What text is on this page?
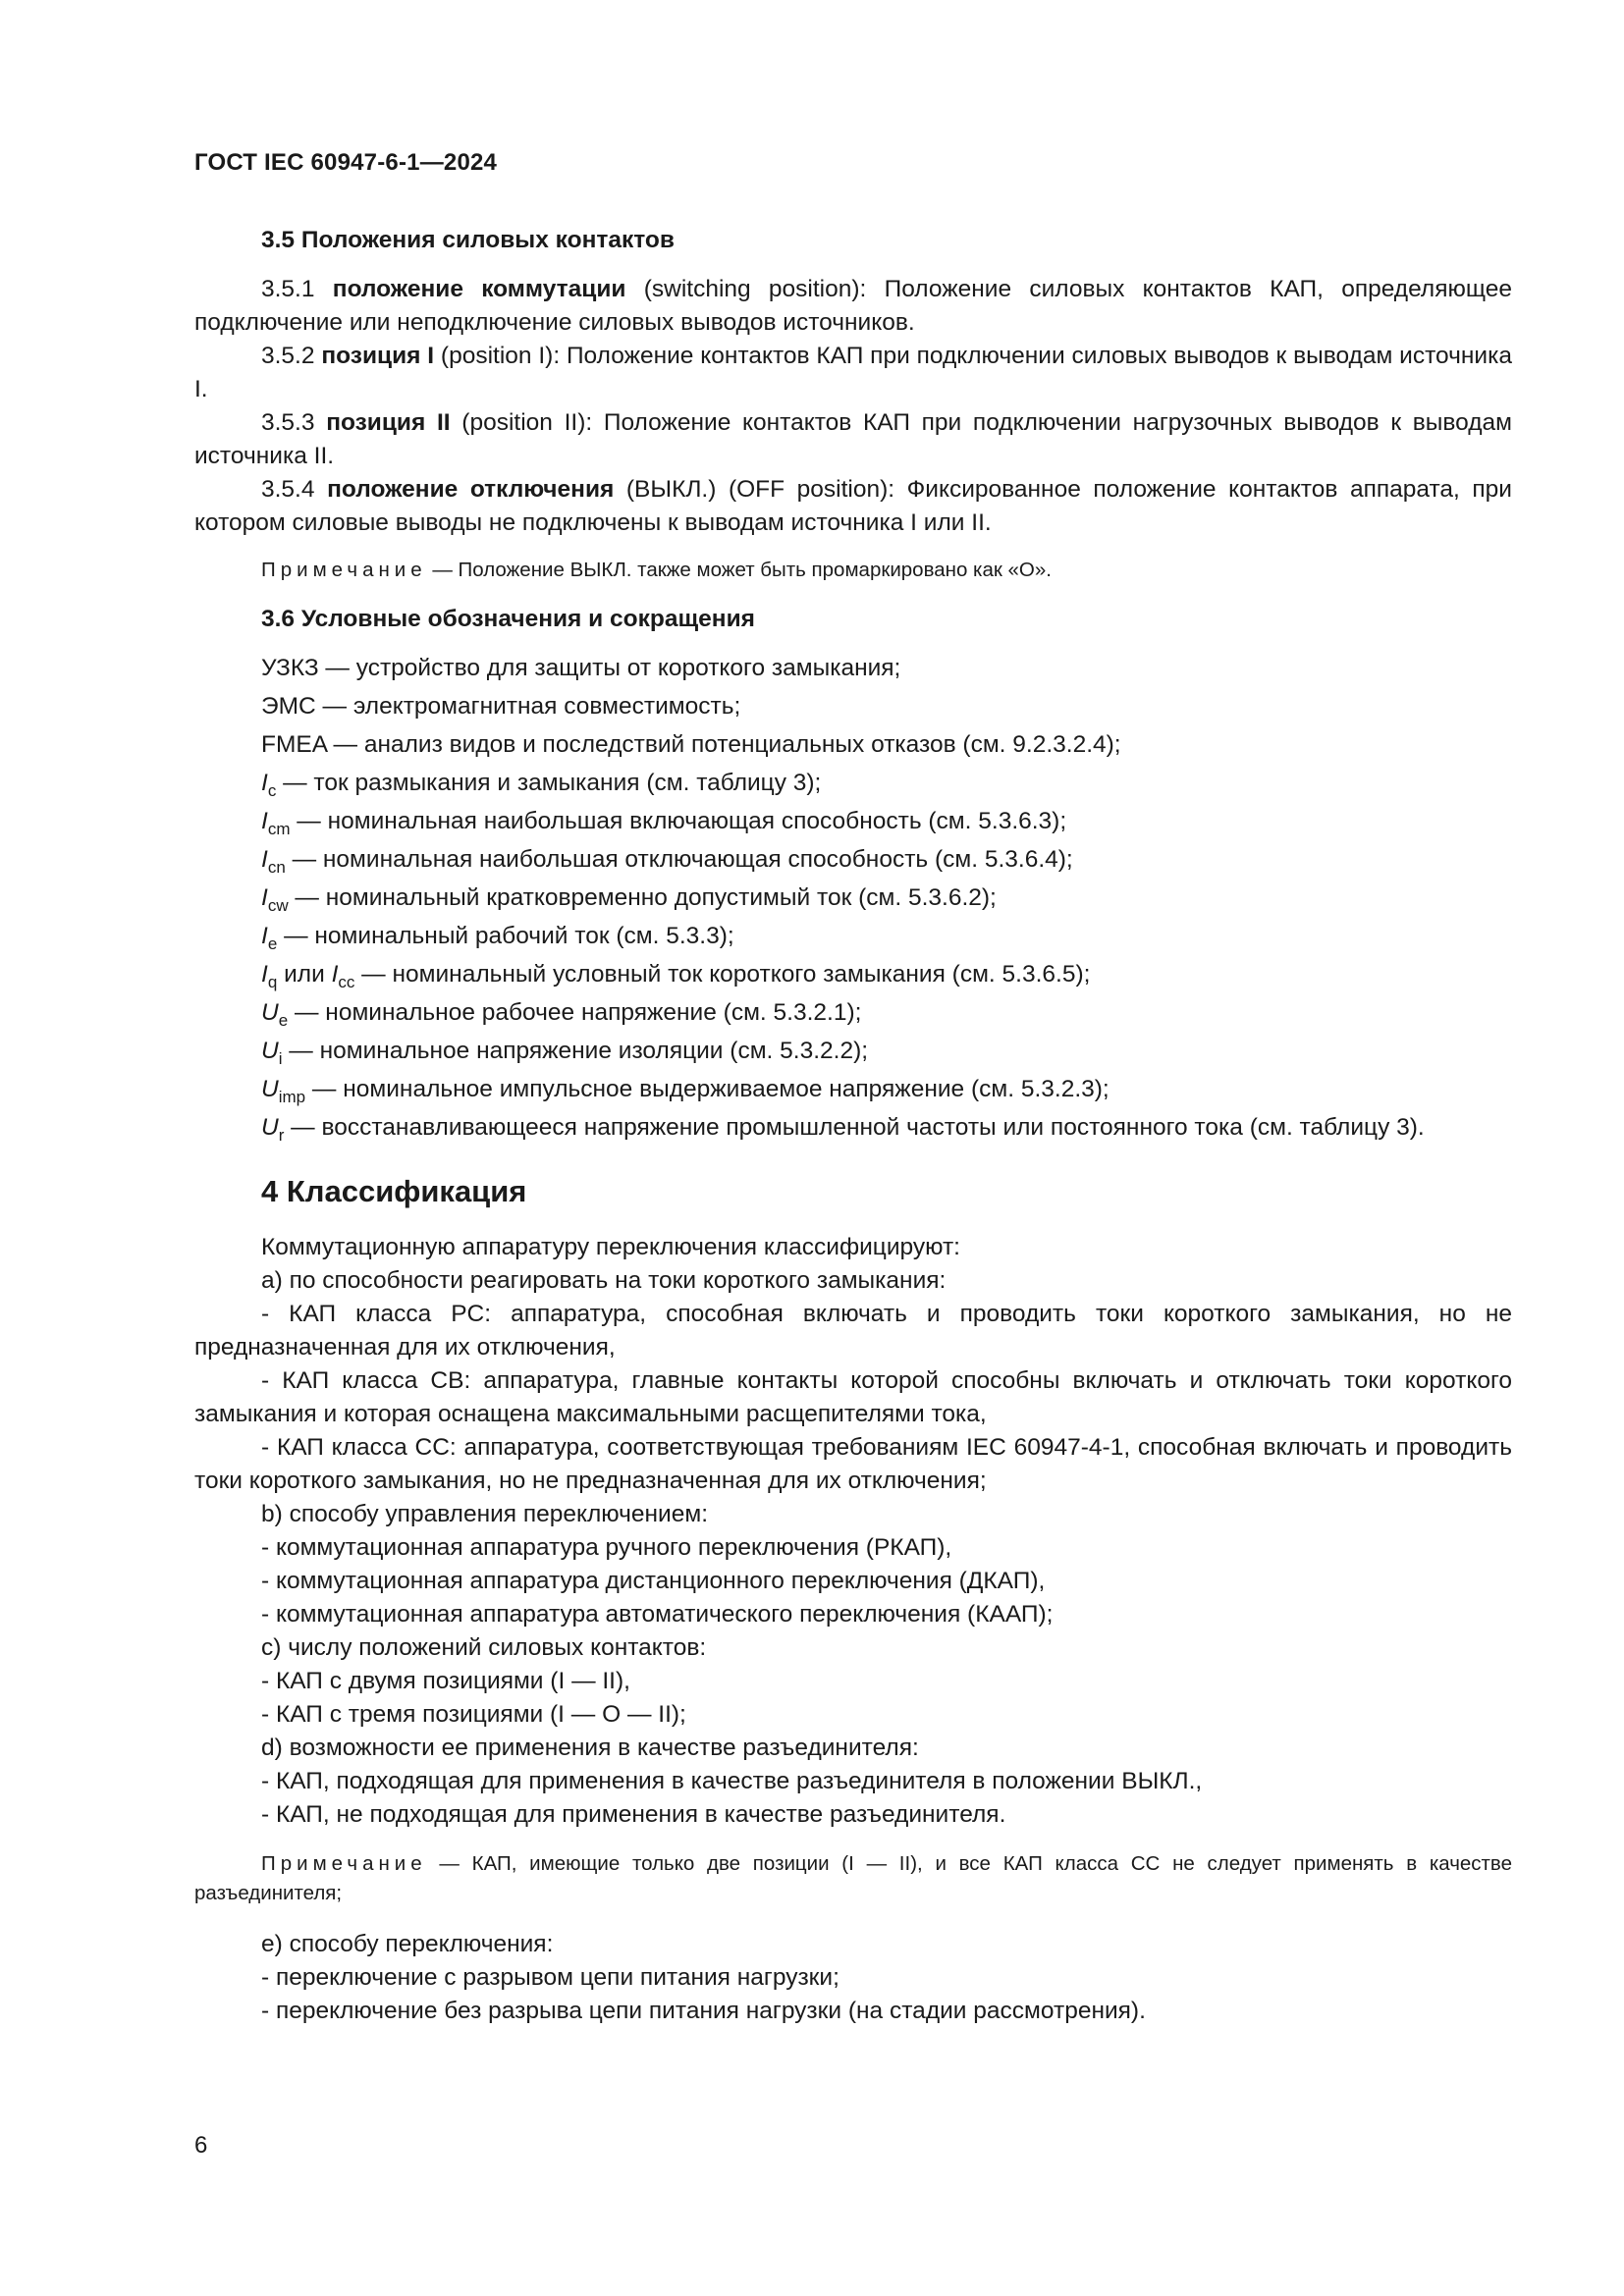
ГОСТ IEC 60947-6-1—2024
3.5 Положения силовых контактов

3.5.1 положение коммутации (switching position): Положение силовых контактов КАП, определяющее подключение или неподключение силовых выводов источников.

3.5.2 позиция I (position I): Положение контактов КАП при подключении силовых выводов к выводам источника I.

3.5.3 позиция II (position II): Положение контактов КАП при подключении нагрузочных выводов к выводам источника II.

3.5.4 положение отключения (ВЫКЛ.) (OFF position): Фиксированное положение контактов аппарата, при котором силовые выводы не подключены к выводам источника I или II.

Примечание — Положение ВЫКЛ. также может быть промаркировано как «О».

3.6 Условные обозначения и сокращения

УЗКЗ — устройство для защиты от короткого замыкания;

ЭМС — электромагнитная совместимость;

FMEA — анализ видов и последствий потенциальных отказов (см. 9.2.3.2.4);

$I_c$ — ток размыкания и замыкания (см. таблицу 3);

$I_{cm}$ — номинальная наибольшая включающая способность (см. 5.3.6.3);

$I_{cn}$ — номинальная наибольшая отключающая способность (см. 5.3.6.4);

$I_{cw}$ — номинальный кратковременно допустимый ток (см. 5.3.6.2);

$I_e$ — номинальный рабочий ток (см. 5.3.3);

$I_q$ или $I_{cc}$ — номинальный условный ток короткого замыкания (см. 5.3.6.5);

$U_e$ — номинальное рабочее напряжение (см. 5.3.2.1);

$U_i$ — номинальное напряжение изоляции (см. 5.3.2.2);

$U_{imp}$ — номинальное импульсное выдерживаемое напряжение (см. 5.3.2.3);

$U_r$ — восстанавливающееся напряжение промышленной частоты или постоянного тока (см. таблицу 3).

4 Классификация

Коммутационную аппаратуру переключения классифицируют:

a) по способности реагировать на токи короткого замыкания:

- КАП класса PC: аппаратура, способная включать и проводить токи короткого замыкания, но не предназначенная для их отключения,

- КАП класса CB: аппаратура, главные контакты которой способны включать и отключать токи короткого замыкания и которая оснащена максимальными расщепителями тока,

- КАП класса CC: аппаратура, соответствующая требованиям IEC 60947-4-1, способная включать и проводить токи короткого замыкания, но не предназначенная для их отключения;

b) способу управления переключением:

- коммутационная аппаратура ручного переключения (РКАП),

- коммутационная аппаратура дистанционного переключения (ДКАП),

- коммутационная аппаратура автоматического переключения (КААП);

c) числу положений силовых контактов:

- КАП с двумя позициями (I — II),

- КАП с тремя позициями (I — O — II);

d) возможности ее применения в качестве разъединителя:

- КАП, подходящая для применения в качестве разъединителя в положении ВЫКЛ.,

- КАП, не подходящая для применения в качестве разъединителя.

Примечание — КАП, имеющие только две позиции (I — II), и все КАП класса CC не следует применять в качестве разъединителя;

e) способу переключения:

- переключение с разрывом цепи питания нагрузки;

- переключение без разрыва цепи питания нагрузки (на стадии рассмотрения).

6
